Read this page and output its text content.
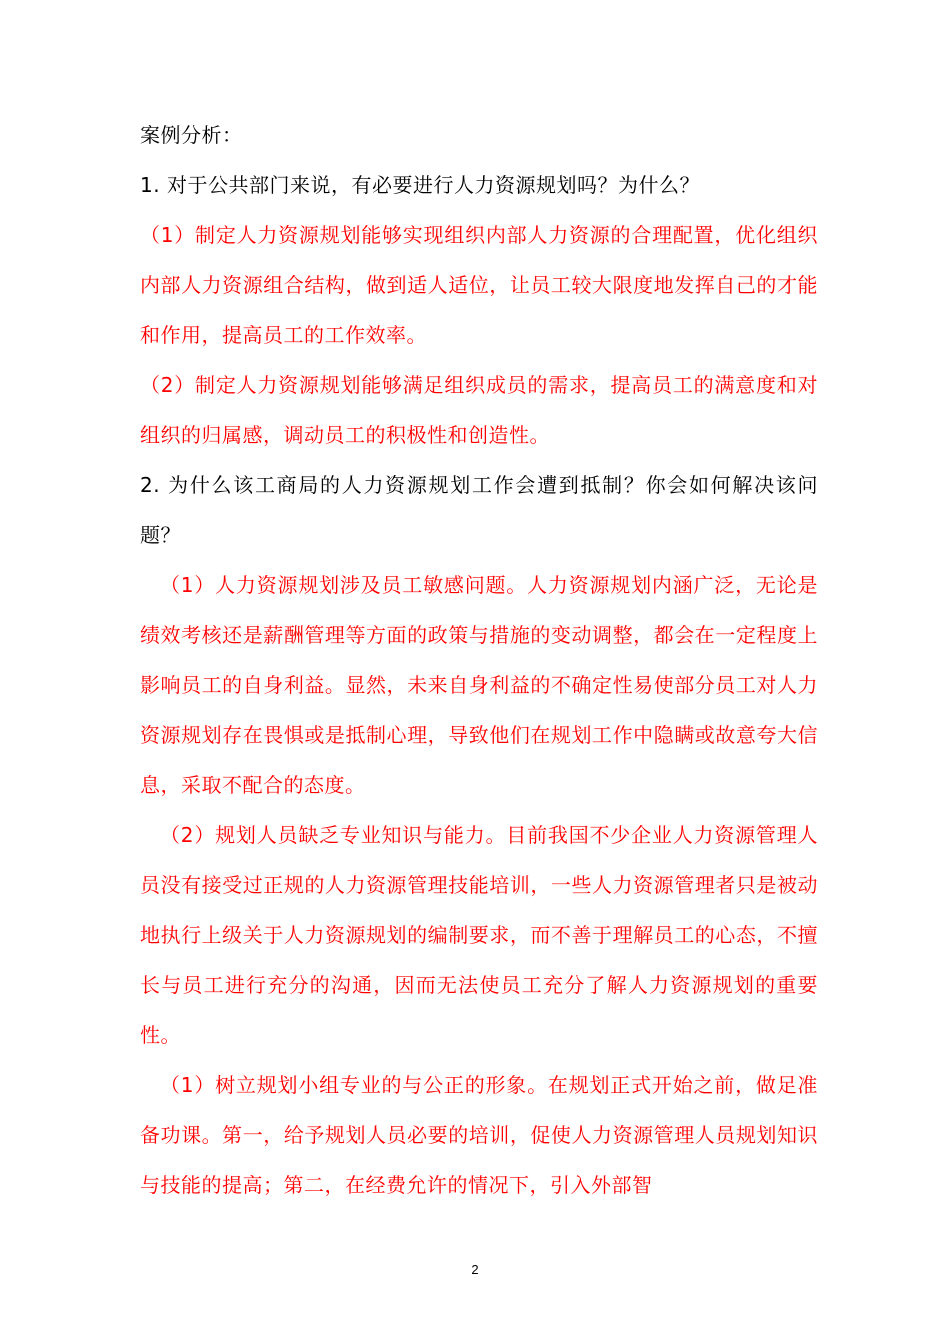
案例分析：

1. 对于公共部门来说，有必要进行人力资源规划吗？为什么？

（1）制定人力资源规划能够实现组织内部人力资源的合理配置，优化组织内部人力资源组合结构，做到适人适位，让员工较大限度地发挥自己的才能和作用，提高员工的工作效率。

（2）制定人力资源规划能够满足组织成员的需求，提高员工的满意度和对组织的归属感，调动员工的积极性和创造性。

2. 为什么该工商局的人力资源规划工作会遭到抵制？你会如何解决该问题？

（1）人力资源规划涉及员工敏感问题。人力资源规划内涵广泛，无论是绩效考核还是薪酬管理等方面的政策与措施的变动调整，都会在一定程度上影响员工的自身利益。显然，未来自身利益的不确定性易使部分员工对人力资源规划存在畏惧或是抵制心理，导致他们在规划工作中隐瞒或故意夸大信息，采取不配合的态度。

（2）规划人员缺乏专业知识与能力。目前我国不少企业人力资源管理人员没有接受过正规的人力资源管理技能培训，一些人力资源管理者只是被动地执行上级关于人力资源规划的编制要求，而不善于理解员工的心态，不擅长与员工进行充分的沟通，因而无法使员工充分了解人力资源规划的重要性。

（1）树立规划小组专业的与公正的形象。在规划正式开始之前，做足准备功课。第一，给予规划人员必要的培训，促使人力资源管理人员规划知识与技能的提高；第二，在经费允许的情况下，引入外部智

2
